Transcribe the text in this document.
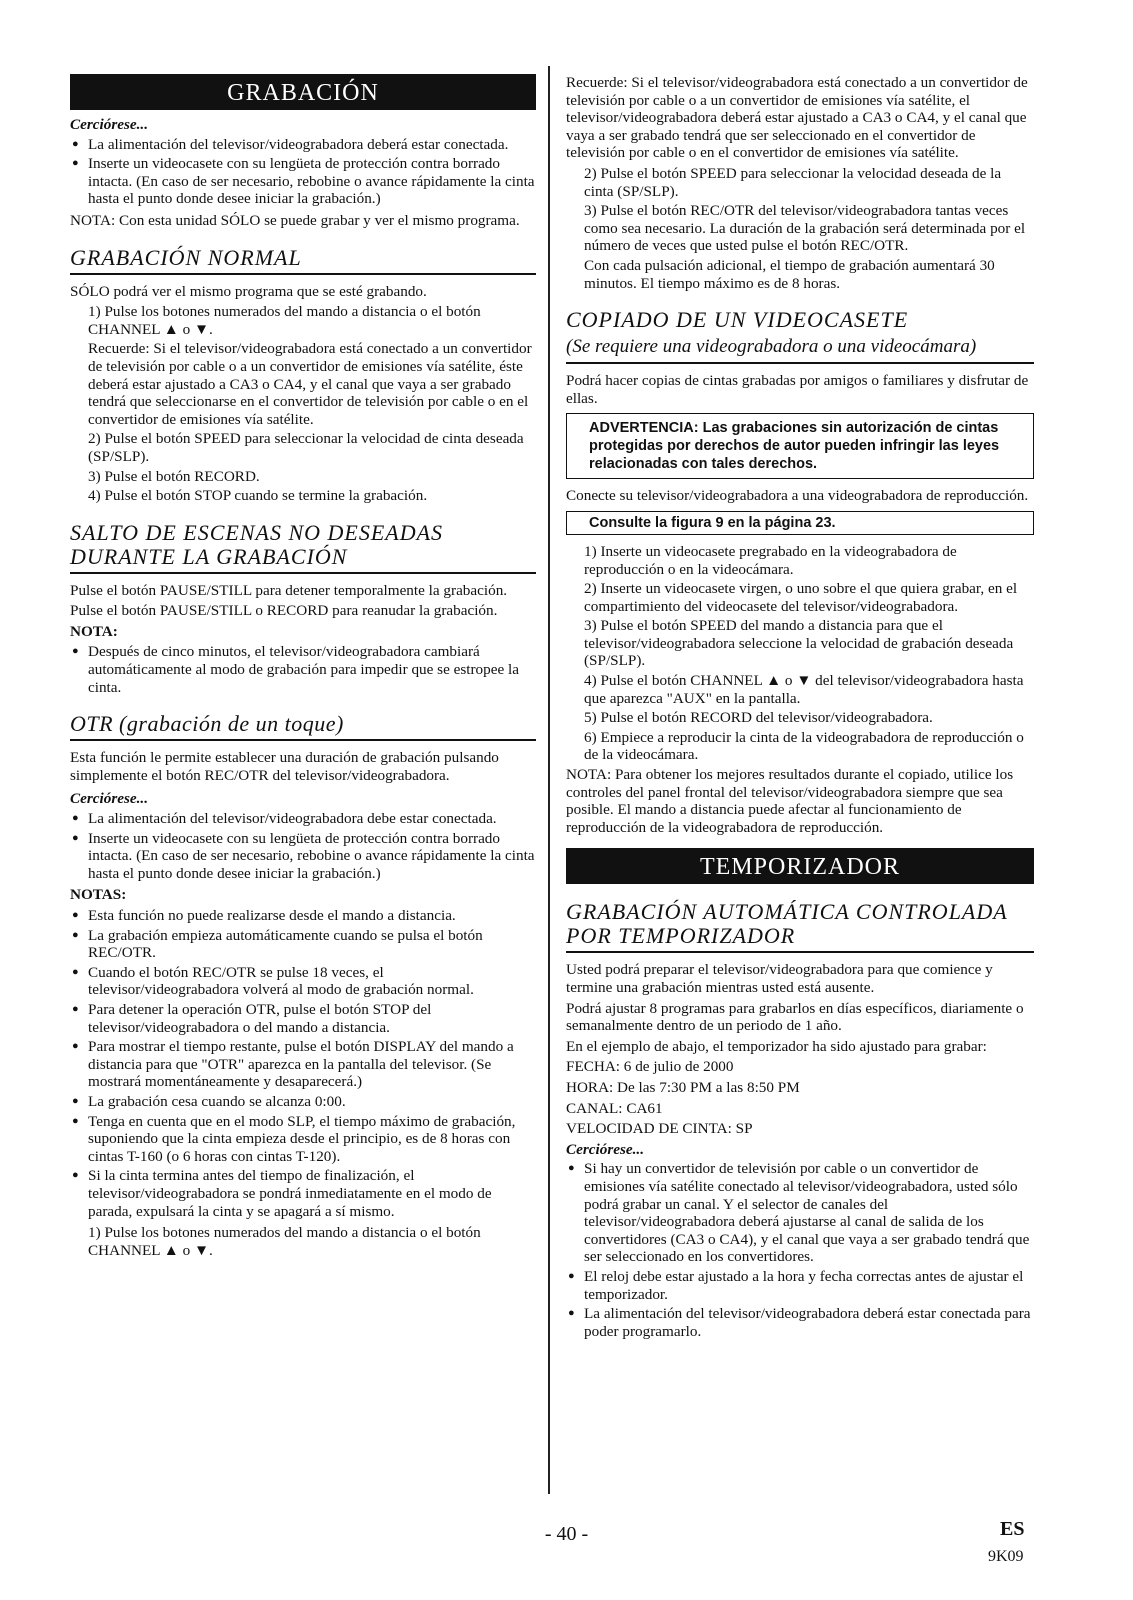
GRABACIÓN

Cerciórese...

● La alimentación del televisor/videograbadora deberá estar conectada.
● Inserte un videocasete con su lengüeta de protección contra borrado intacta. (En caso de ser necesario, rebobine o avance rápidamente la cinta hasta el punto donde desee iniciar la grabación.)

NOTA: Con esta unidad SÓLO se puede grabar y ver el mismo programa.

GRABACIÓN NORMAL

SÓLO podrá ver el mismo programa que se esté grabando.

1) Pulse los botones numerados del mando a distancia o el botón CHANNEL ▲ o ▼.

Recuerde: Si el televisor/videograbadora está conectado a un convertidor de televisión por cable o a un convertidor de emisiones vía satélite, éste deberá estar ajustado a CA3 o CA4, y el canal que vaya a ser grabado tendrá que seleccionarse en el convertidor de televisión por cable o en el convertidor de emisiones vía satélite.

2) Pulse el botón SPEED para seleccionar la velocidad de cinta deseada (SP/SLP).

3) Pulse el botón RECORD.

4) Pulse el botón STOP cuando se termine la grabación.

SALTO DE ESCENAS NO DESEADAS DURANTE LA GRABACIÓN

Pulse el botón PAUSE/STILL para detener temporalmente la grabación.

Pulse el botón PAUSE/STILL o RECORD para reanudar la grabación.

NOTA:

● Después de cinco minutos, el televisor/videograbadora cambiará automáticamente al modo de grabación para impedir que se estropee la cinta.
OTR (grabación de un toque)

Esta función le permite establecer una duración de grabación pulsando simplemente el botón REC/OTR del televisor/videograbadora.

Cerciórese...

● La alimentación del televisor/videograbadora debe estar conectada.
● Inserte un videocasete con su lengüeta de protección contra borrado intacta. (En caso de ser necesario, rebobine o avance rápidamente la cinta hasta el punto donde desee iniciar la grabación.)

NOTAS:

● Esta función no puede realizarse desde el mando a distancia.
● La grabación empieza automáticamente cuando se pulsa el botón REC/OTR.
● Cuando el botón REC/OTR se pulse 18 veces, el televisor/videograbadora volverá al modo de grabación normal.
● Para detener la operación OTR, pulse el botón STOP del televisor/videograbadora o del mando a distancia.
● Para mostrar el tiempo restante, pulse el botón DISPLAY del mando a distancia para que "OTR" aparezca en la pantalla del televisor. (Se mostrará momentáneamente y desaparecerá.)
● La grabación cesa cuando se alcanza 0:00.
● Tenga en cuenta que en el modo SLP, el tiempo máximo de grabación, suponiendo que la cinta empieza desde el principio, es de 8 horas con cintas T-160 (o 6 horas con cintas T-120).
● Si la cinta termina antes del tiempo de finalización, el televisor/videograbadora se pondrá inmediatamente en el modo de parada, expulsará la cinta y se apagará a sí mismo.

1) Pulse los botones numerados del mando a distancia o el botón CHANNEL ▲ o ▼.

Recuerde: Si el televisor/videograbadora está conectado a un convertidor de televisión por cable o a un convertidor de emisiones vía satélite, el televisor/videograbadora deberá estar ajustado a CA3 o CA4, y el canal que vaya a ser grabado tendrá que ser seleccionado en el convertidor de televisión por cable o en el convertidor de emisiones vía satélite.

2) Pulse el botón SPEED para seleccionar la velocidad deseada de la cinta (SP/SLP).

3) Pulse el botón REC/OTR del televisor/videograbadora tantas veces como sea necesario. La duración de la grabación será determinada por el número de veces que usted pulse el botón REC/OTR.

Con cada pulsación adicional, el tiempo de grabación aumentará 30 minutos. El tiempo máximo es de 8 horas.

COPIADO DE UN VIDEOCASETE
(Se requiere una videograbadora o una videocámara)

Podrá hacer copias de cintas grabadas por amigos o familiares y disfrutar de ellas.

ADVERTENCIA: Las grabaciones sin autorización de cintas protegidas por derechos de autor pueden infringir las leyes relacionadas con tales derechos.

Conecte su televisor/videograbadora a una videograbadora de reproducción.

Consulte la figura 9 en la página 23.

1) Inserte un videocasete pregrabado en la videograbadora de reproducción o en la videocámara.

2) Inserte un videocasete virgen, o uno sobre el que quiera grabar, en el compartimiento del videocasete del televisor/videograbadora.

3) Pulse el botón SPEED del mando a distancia para que el televisor/videograbadora seleccione la velocidad de grabación deseada (SP/SLP).

4) Pulse el botón CHANNEL ▲ o ▼ del televisor/videograbadora hasta que aparezca "AUX" en la pantalla.

5) Pulse el botón RECORD del televisor/videograbadora.

6) Empiece a reproducir la cinta de la videograbadora de reproducción o de la videocámara.

NOTA: Para obtener los mejores resultados durante el copiado, utilice los controles del panel frontal del televisor/videograbadora siempre que sea posible. El mando a distancia puede afectar al funcionamiento de reproducción de la videograbadora de reproducción.

TEMPORIZADOR
GRABACIÓN AUTOMÁTICA CONTROLADA POR TEMPORIZADOR

Usted podrá preparar el televisor/videograbadora para que comience y termine una grabación mientras usted está ausente.

Podrá ajustar 8 programas para grabarlos en días específicos, diariamente o semanalmente dentro de un periodo de 1 año.

En el ejemplo de abajo, el temporizador ha sido ajustado para grabar:

FECHA: 6 de julio de 2000

HORA: De las 7:30 PM a las 8:50 PM

CANAL: CA61

VELOCIDAD DE CINTA: SP

Cerciórese...

● Si hay un convertidor de televisión por cable o un convertidor de emisiones vía satélite conectado al televisor/videograbadora, usted sólo podrá grabar un canal. Y el selector de canales del televisor/videograbadora deberá ajustarse al canal de salida de los convertidores (CA3 o CA4), y el canal que vaya a ser grabado tendrá que ser seleccionado en los convertidores.
● El reloj debe estar ajustado a la hora y fecha correctas antes de ajustar el temporizador.
● La alimentación del televisor/videograbadora deberá estar conectada para poder programarlo.
- 40 -	ES
9K09
